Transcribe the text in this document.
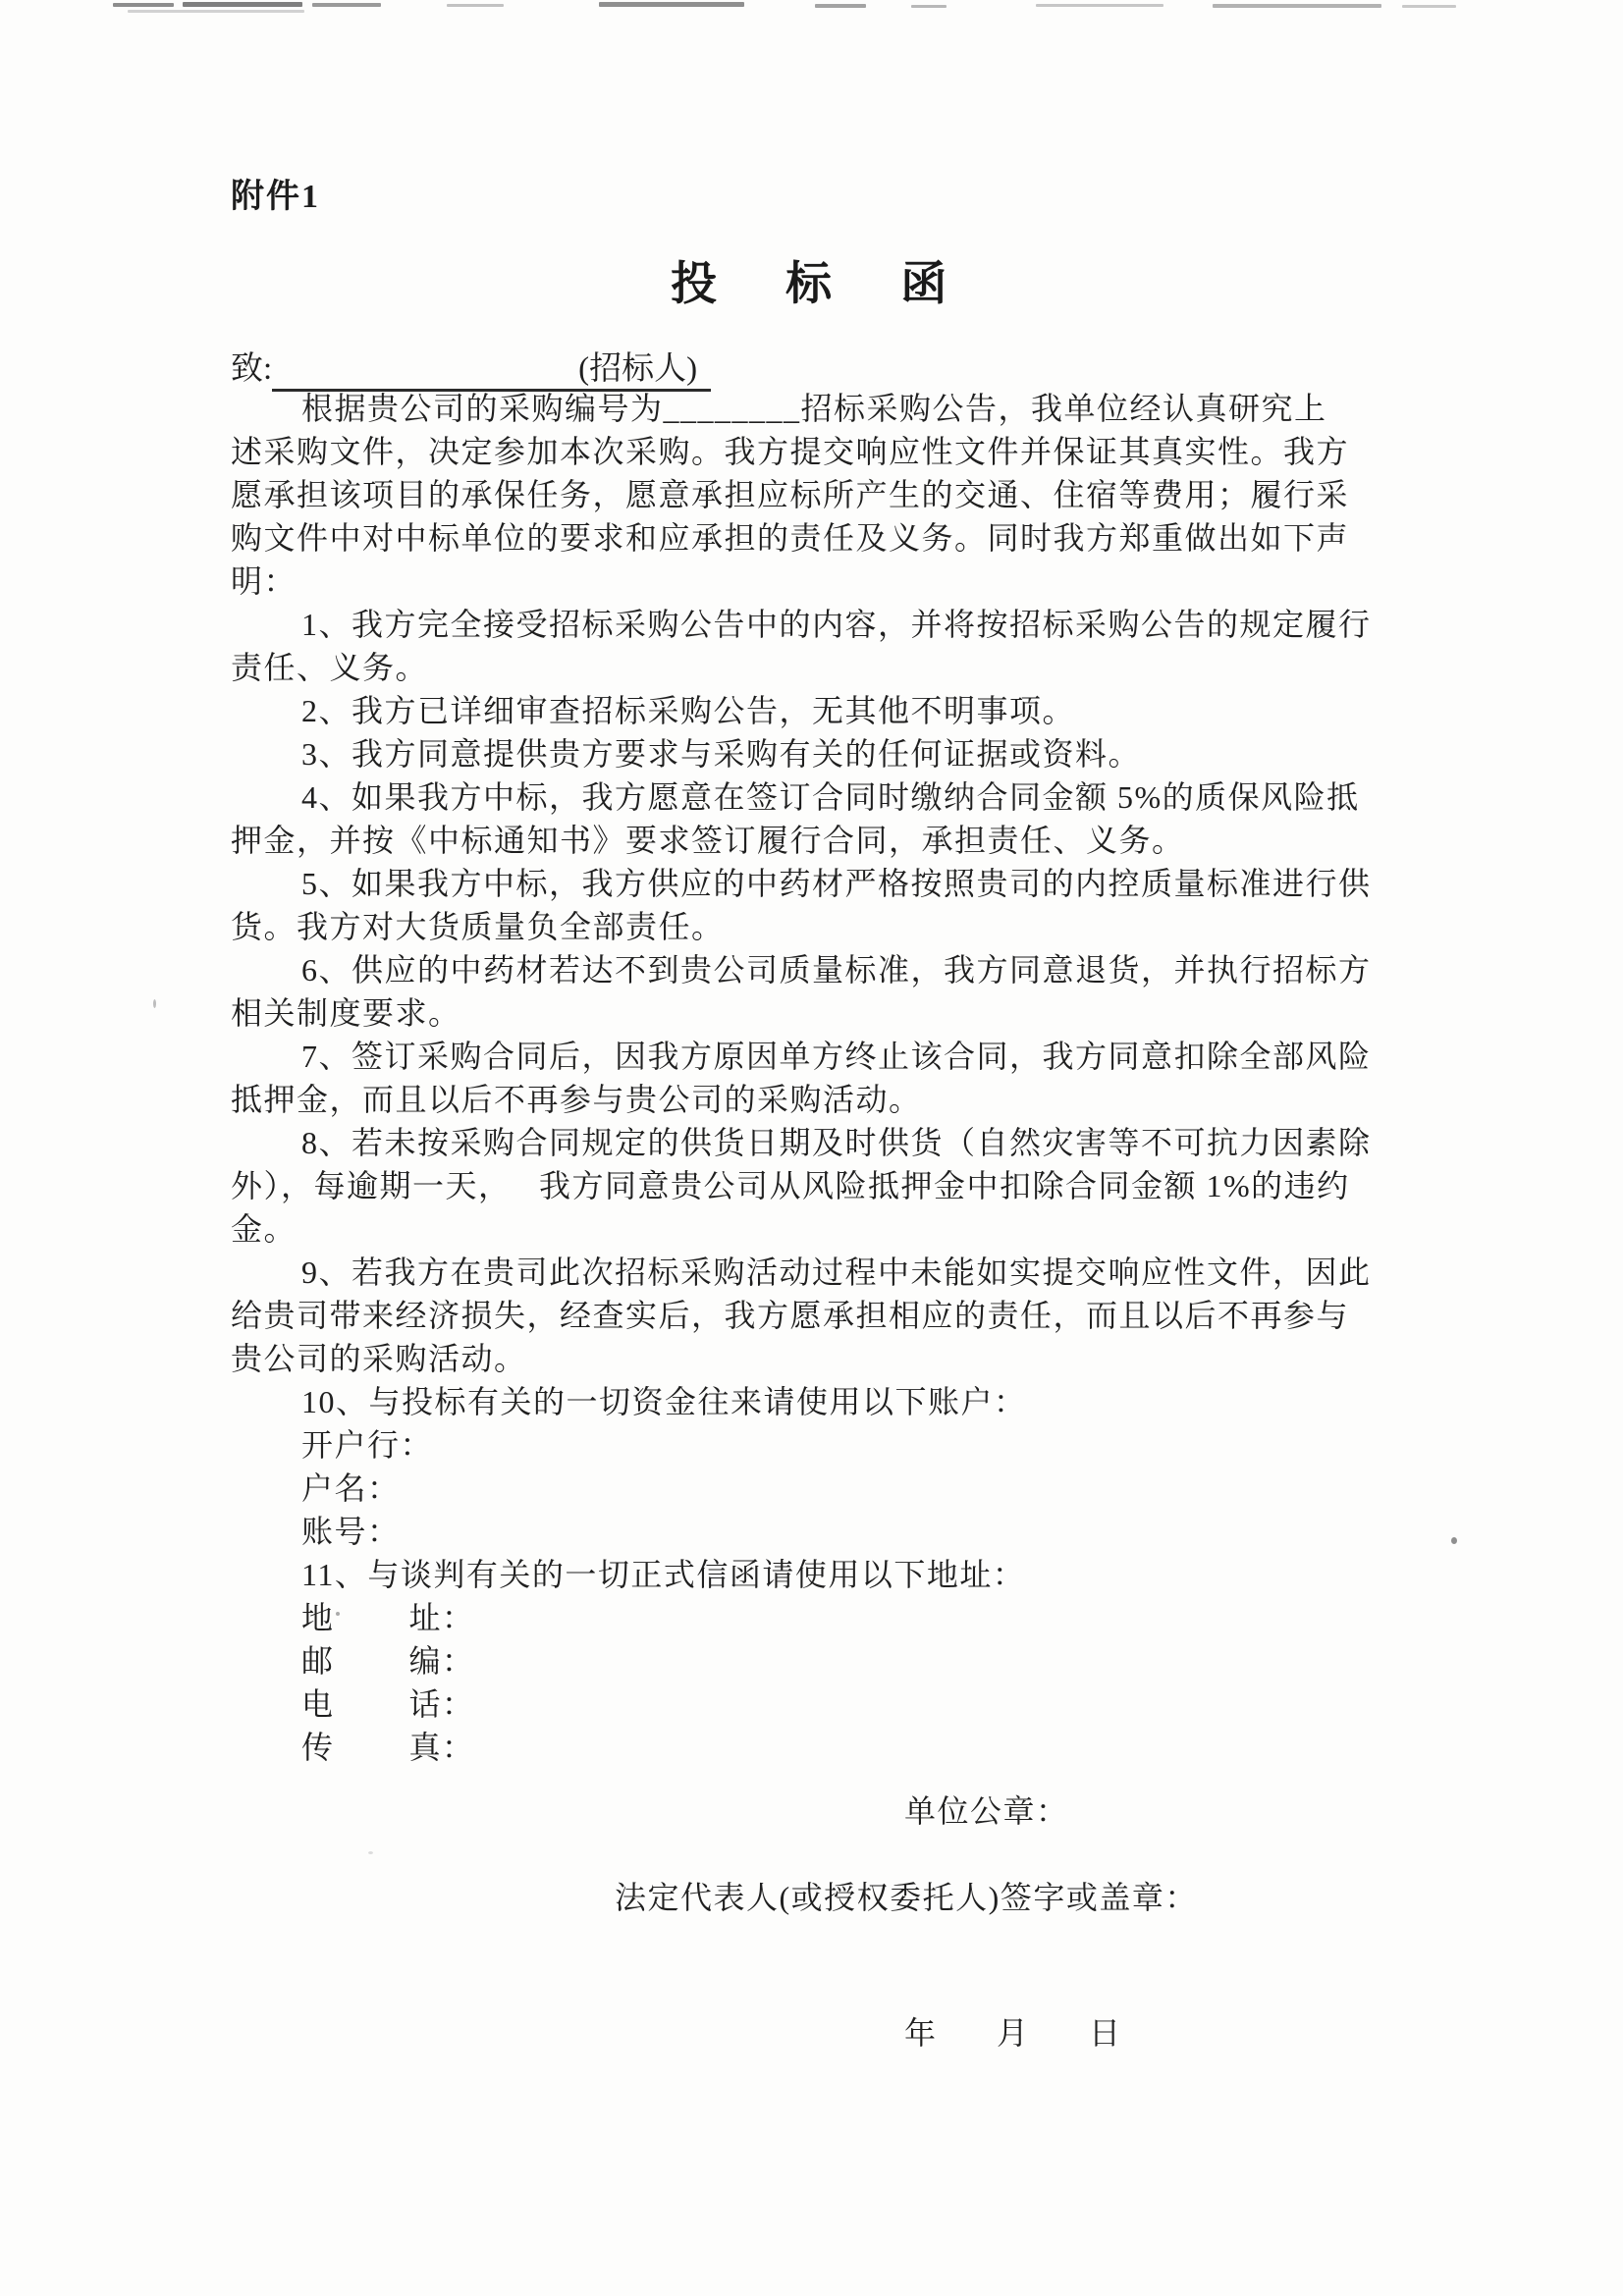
附件1
投 标 函
致:	(招标人)
根据贵公司的采购编号为________招标采购公告，我单位经认真研究上
述采购文件，决定参加本次采购。我方提交响应性文件并保证其真实性。我方
愿承担该项目的承保任务，愿意承担应标所产生的交通、住宿等费用；履行采
购文件中对中标单位的要求和应承担的责任及义务。同时我方郑重做出如下声
明：
1、我方完全接受招标采购公告中的内容，并将按招标采购公告的规定履行
责任、义务。
2、我方已详细审查招标采购公告，无其他不明事项。
3、我方同意提供贵方要求与采购有关的任何证据或资料。
4、如果我方中标，我方愿意在签订合同时缴纳合同金额 5%的质保风险抵
押金，并按《中标通知书》要求签订履行合同，承担责任、义务。
5、如果我方中标，我方供应的中药材严格按照贵司的内控质量标准进行供
货。我方对大货质量负全部责任。
6、供应的中药材若达不到贵公司质量标准，我方同意退货，并执行招标方
相关制度要求。
7、签订采购合同后，因我方原因单方终止该合同，我方同意扣除全部风险
抵押金，而且以后不再参与贵公司的采购活动。
8、若未按采购合同规定的供货日期及时供货（自然灾害等不可抗力因素除
外），每逾期一天，   我方同意贵公司从风险抵押金中扣除合同金额 1%的违约
金。
9、若我方在贵司此次招标采购活动过程中未能如实提交响应性文件，因此
给贵司带来经济损失，经查实后，我方愿承担相应的责任，而且以后不再参与
贵公司的采购活动。
10、与投标有关的一切资金往来请使用以下账户：
开户行：
户名：
账号：
11、与谈判有关的一切正式信函请使用以下地址：
地        址：
邮        编：
电        话：
传        真：
单位公章：
法定代表人(或授权委托人)签字或盖章：
年 月 日
